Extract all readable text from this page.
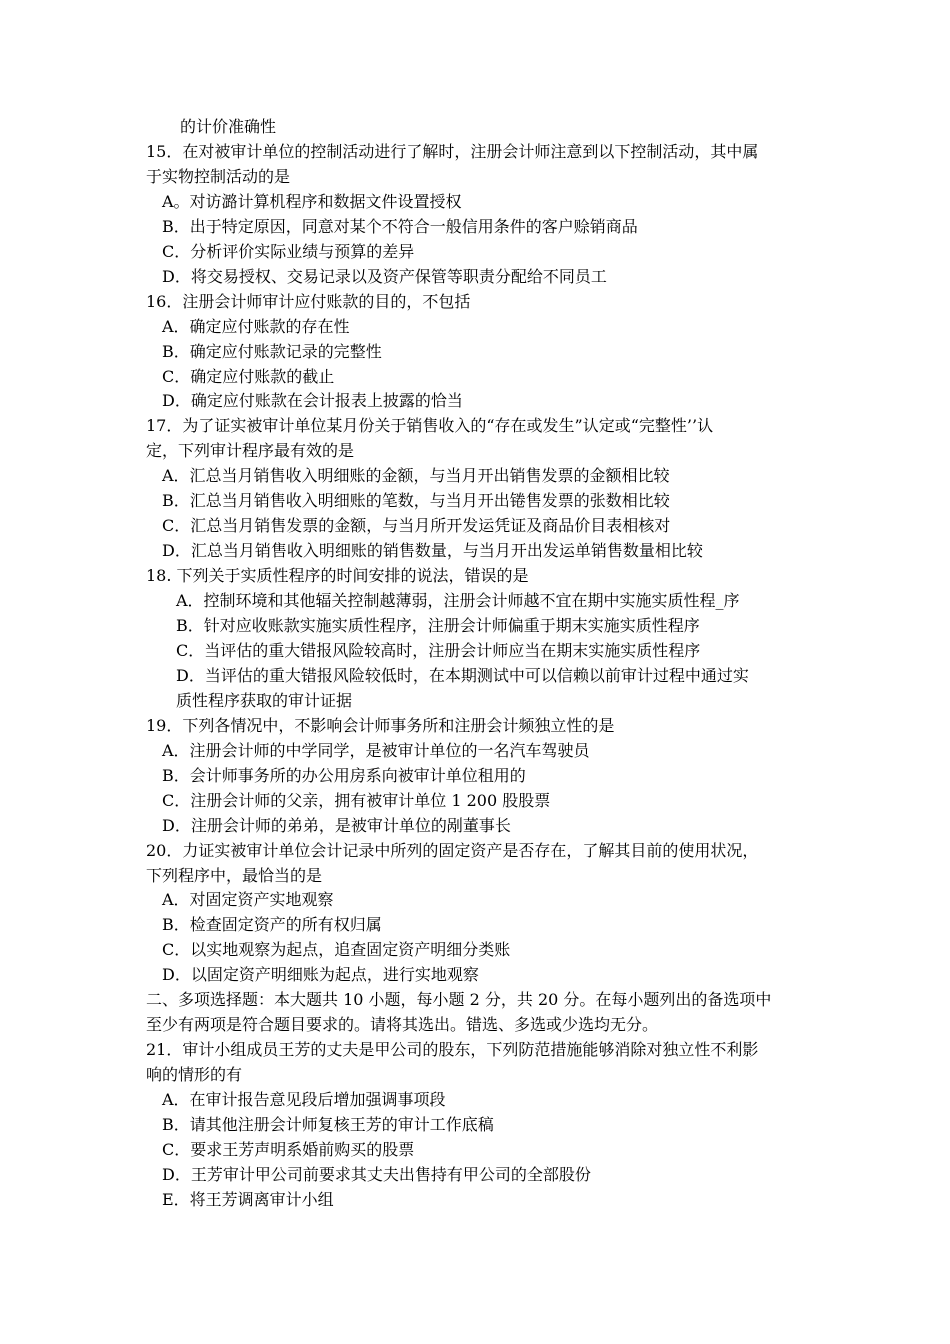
的计价准确性
15．在对被审计单位的控制活动进行了解时，注册会计师注意到以下控制活动，其中属
于实物控制活动的是
A。对访潞计算机程序和数据文件设置授权
B．出于特定原因，同意对某个不符合一般信用条件的客户赊销商品
C．分析评价实际业绩与预算的差异
D．将交易授权、交易记录以及资产保管等职责分配给不同员工
16．注册会计师审计应付账款的目的，不包括
A．确定应付账款的存在性
B．确定应付账款记录的完整性
C．确定应付账款的截止
D．确定应付账款在会计报表上披露的恰当
17．为了证实被审计单位某月份关于销售收入的“存在或发生”认定或“完整性’’认
定，下列审计程序最有效的是
A．汇总当月销售收入明细账的金额，与当月开出销售发票的金额相比较
B．汇总当月销售收入明细账的笔数，与当月开出锩售发票的张数相比较
C．汇总当月销售发票的金额，与当月所开发运凭证及商品价目表相核对
D．汇总当月销售收入明细账的销售数量，与当月开出发运单销售数量相比较
18. 下列关于实质性程序的时间安排的说法，错误的是
A．控制环境和其他辐关控制越薄弱，注册会计师越不宜在期中实施实质性程_序
B．针对应收账款实施实质性程序，注册会计师偏重于期末实施实质性程序
C．当评估的重大错报风险较高时，注册会计师应当在期末实施实质性程序
D．当评估的重大错报风险较低时，在本期测试中可以信赖以前审计过程中通过实
质性程序获取的审计证据
19．下列各情况中，不影响会计师事务所和注册会计频独立性的是
A．注册会计师的中学同学，是被审计单位的一名汽车驾驶员
B．会计师事务所的办公用房系向被审计单位租用的
C．注册会计师的父亲，拥有被审计单位 1 200 股股票
D．注册会计师的弟弟，是被审计单位的剐董事长
20．力证实被审计单位会计记录中所列的固定资产是否存在，了解其目前的使用状况，
下列程序中，最恰当的是
A．对固定资产实地观察
B．检查固定资产的所有权归属
C．以实地观察为起点，追查固定资产明细分类账
D．以固定资产明细账为起点，进行实地观察
二、多项选择题：本大题共 10 小题，每小题 2 分，共 20 分。在每小题列出的备选项中
至少有两项是符合题目要求的。请将其选出。错选、多选或少选均无分。
21．审计小组成员王芳的丈夫是甲公司的股东，下列防范措施能够消除对独立性不利影
响的情形的有
A．在审计报告意见段后增加强调事项段
B．请其他注册会计师复核王芳的审计工作底稿
C．要求王芳声明系婚前购买的股票
D．王芳审计甲公司前要求其丈夫出售持有甲公司的全部股份
E．将王芳调离审计小组
